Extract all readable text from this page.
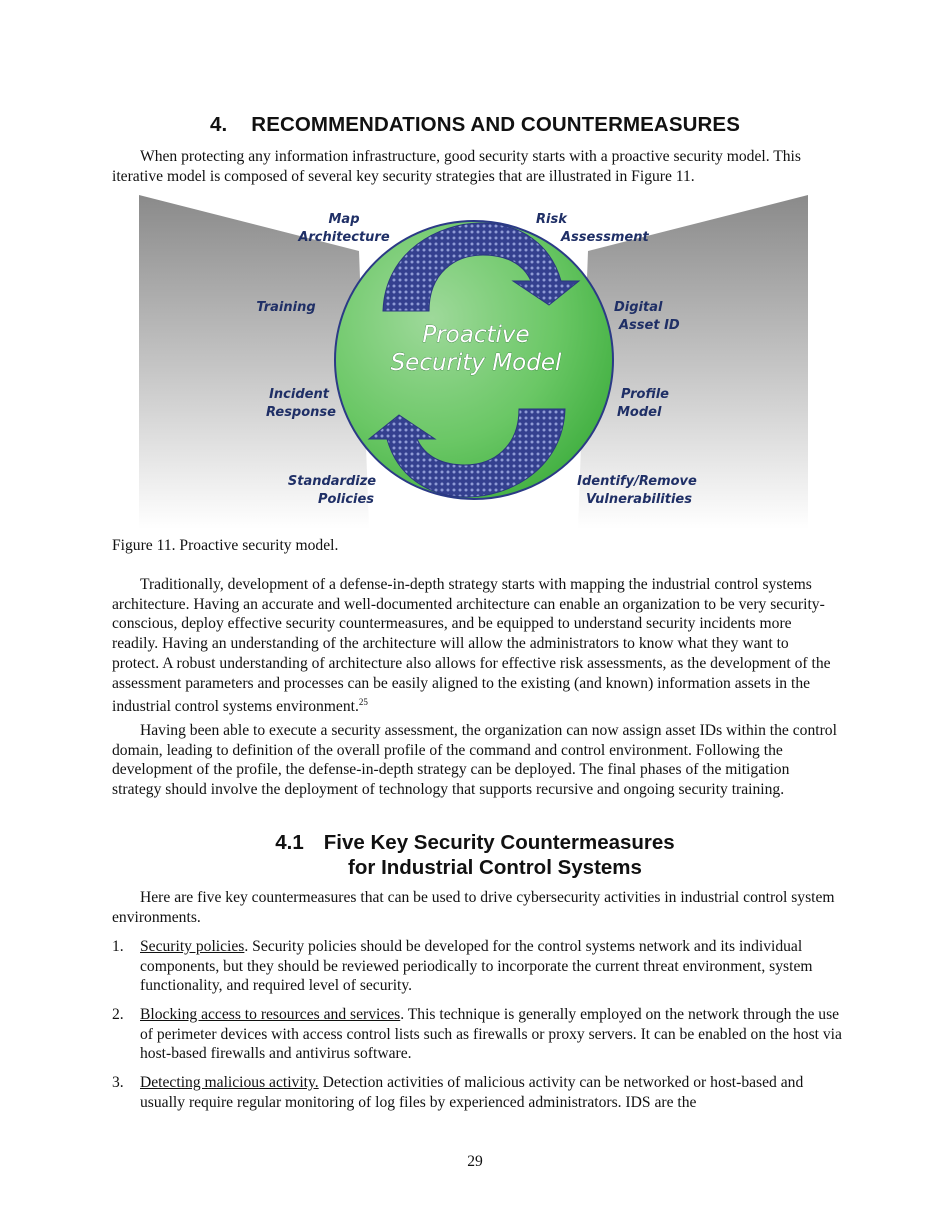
4. RECOMMENDATIONS AND COUNTERMEASURES
When protecting any information infrastructure, good security starts with a proactive security model. This iterative model is composed of several key security strategies that are illustrated in Figure 11.
Proactive
Security Model
Map
Architecture
Risk
Assessment
Training	Digital
Asset ID
Incident
Response
Profile
Model
Standardize
Policies
Identify/Remove
Vulnerabilities
Figure 11. Proactive security model.
Traditionally, development of a defense-in-depth strategy starts with mapping the industrial control systems architecture. Having an accurate and well-documented architecture can enable an organization to be very security-conscious, deploy effective security countermeasures, and be equipped to understand security incidents more readily. Having an understanding of the architecture will allow the administrators to know what they want to protect. A robust understanding of architecture also allows for effective risk assessments, as the development of the assessment parameters and processes can be easily aligned to the existing (and known) information assets in the industrial control systems environment.$^{25}$
Having been able to execute a security assessment, the organization can now assign asset IDs within the control domain, leading to definition of the overall profile of the command and control environment. Following the development of the profile, the defense-in-depth strategy can be deployed. The final phases of the mitigation strategy should involve the deployment of technology that supports recursive and ongoing security training.
4.1 Five Key Security Countermeasures
for Industrial Control Systems
Here are five key countermeasures that can be used to drive cybersecurity activities in industrial control system environments.
1. Security policies. Security policies should be developed for the control systems network and its individual components, but they should be reviewed periodically to incorporate the current threat environment, system functionality, and required level of security.
2. Blocking access to resources and services. This technique is generally employed on the network through the use of perimeter devices with access control lists such as firewalls or proxy servers. It can be enabled on the host via host-based firewalls and antivirus software.
3. Detecting malicious activity. Detection activities of malicious activity can be networked or host-based and usually require regular monitoring of log files by experienced administrators. IDS are the
29
